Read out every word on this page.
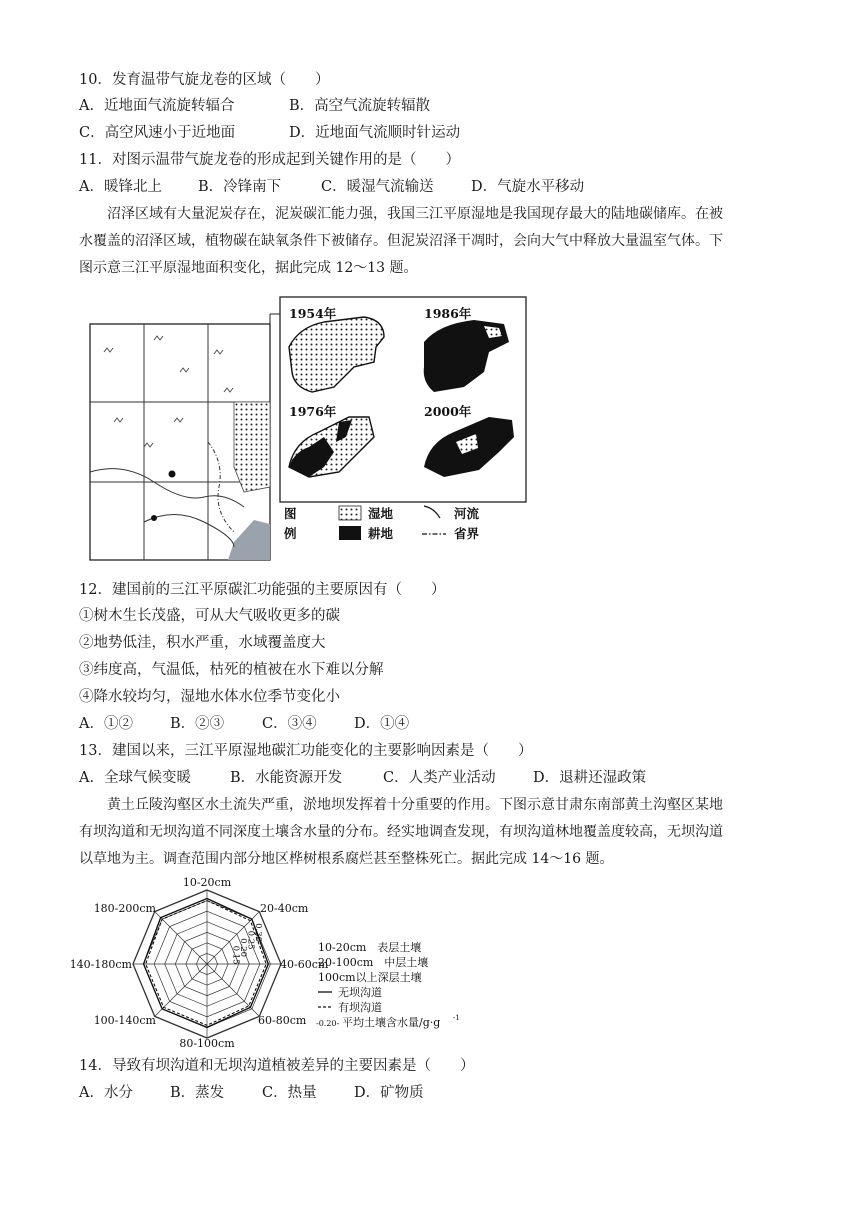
10．发育温带气旋龙卷的区域（　　）
A．近地面气流旋转辐合	B．高空气流旋转辐散
C．高空风速小于近地面	D．近地面气流顺时针运动
11．对图示温带气旋龙卷的形成起到关键作用的是（　　）
A．暖锋北上 B．冷锋南下	C．暖湿气流输送	D．气旋水平移动
沼泽区域有大量泥炭存在，泥炭碳汇能力强，我国三江平原湿地是我国现存最大的陆地碳储库。在被
水覆盖的沼泽区域，植物碳在缺氧条件下被储存。但泥炭沼泽干凋时，会向大气中释放大量温室气体。下
图示意三江平原湿地面积变化，据此完成 12～13 题。
1954年	1986年
1976年	2000年
图
例
湿地
耕地
河流
省界
12．建国前的三江平原碳汇功能强的主要原因有（　　）
①树木生长茂盛，可从大气吸收更多的碳
②地势低洼，积水严重，水域覆盖度大
③纬度高，气温低，枯死的植被在水下难以分解
④降水较均匀，湿地水体水位季节变化小
A．①②	B．②③	C．③④	D．①④
13．建国以来，三江平原湿地碳汇功能变化的主要影响因素是（　　）
A．全球气候变暖	B．水能资源开发	C．人类产业活动	D．退耕还湿政策
黄土丘陵沟壑区水土流失严重，淤地坝发挥着十分重要的作用。下图示意甘肃东南部黄土沟壑区某地
有坝沟道和无坝沟道不同深度土壤含水量的分布。经实地调查发现，有坝沟道林地覆盖度较高，无坝沟道
以草地为主。调查范围内部分地区桦树根系腐烂甚至整株死亡。据此完成 14～16 题。
10-20cm
20-40cm
40-60cm
60-80cm
80-100cm
100-140cm
140-180cm
180-200cm
0.15
0.20
0.25
0.30
10-20cm　表层土壤
20-100cm　中层土壤
100cm以上深层土壤
无坝沟道
有坝沟道
-0.20- 平均土壤含水量/g·g -1
14．导致有坝沟道和无坝沟道植被差异的主要因素是（　　）
A．水分	B．蒸发	C．热量	D．矿物质
